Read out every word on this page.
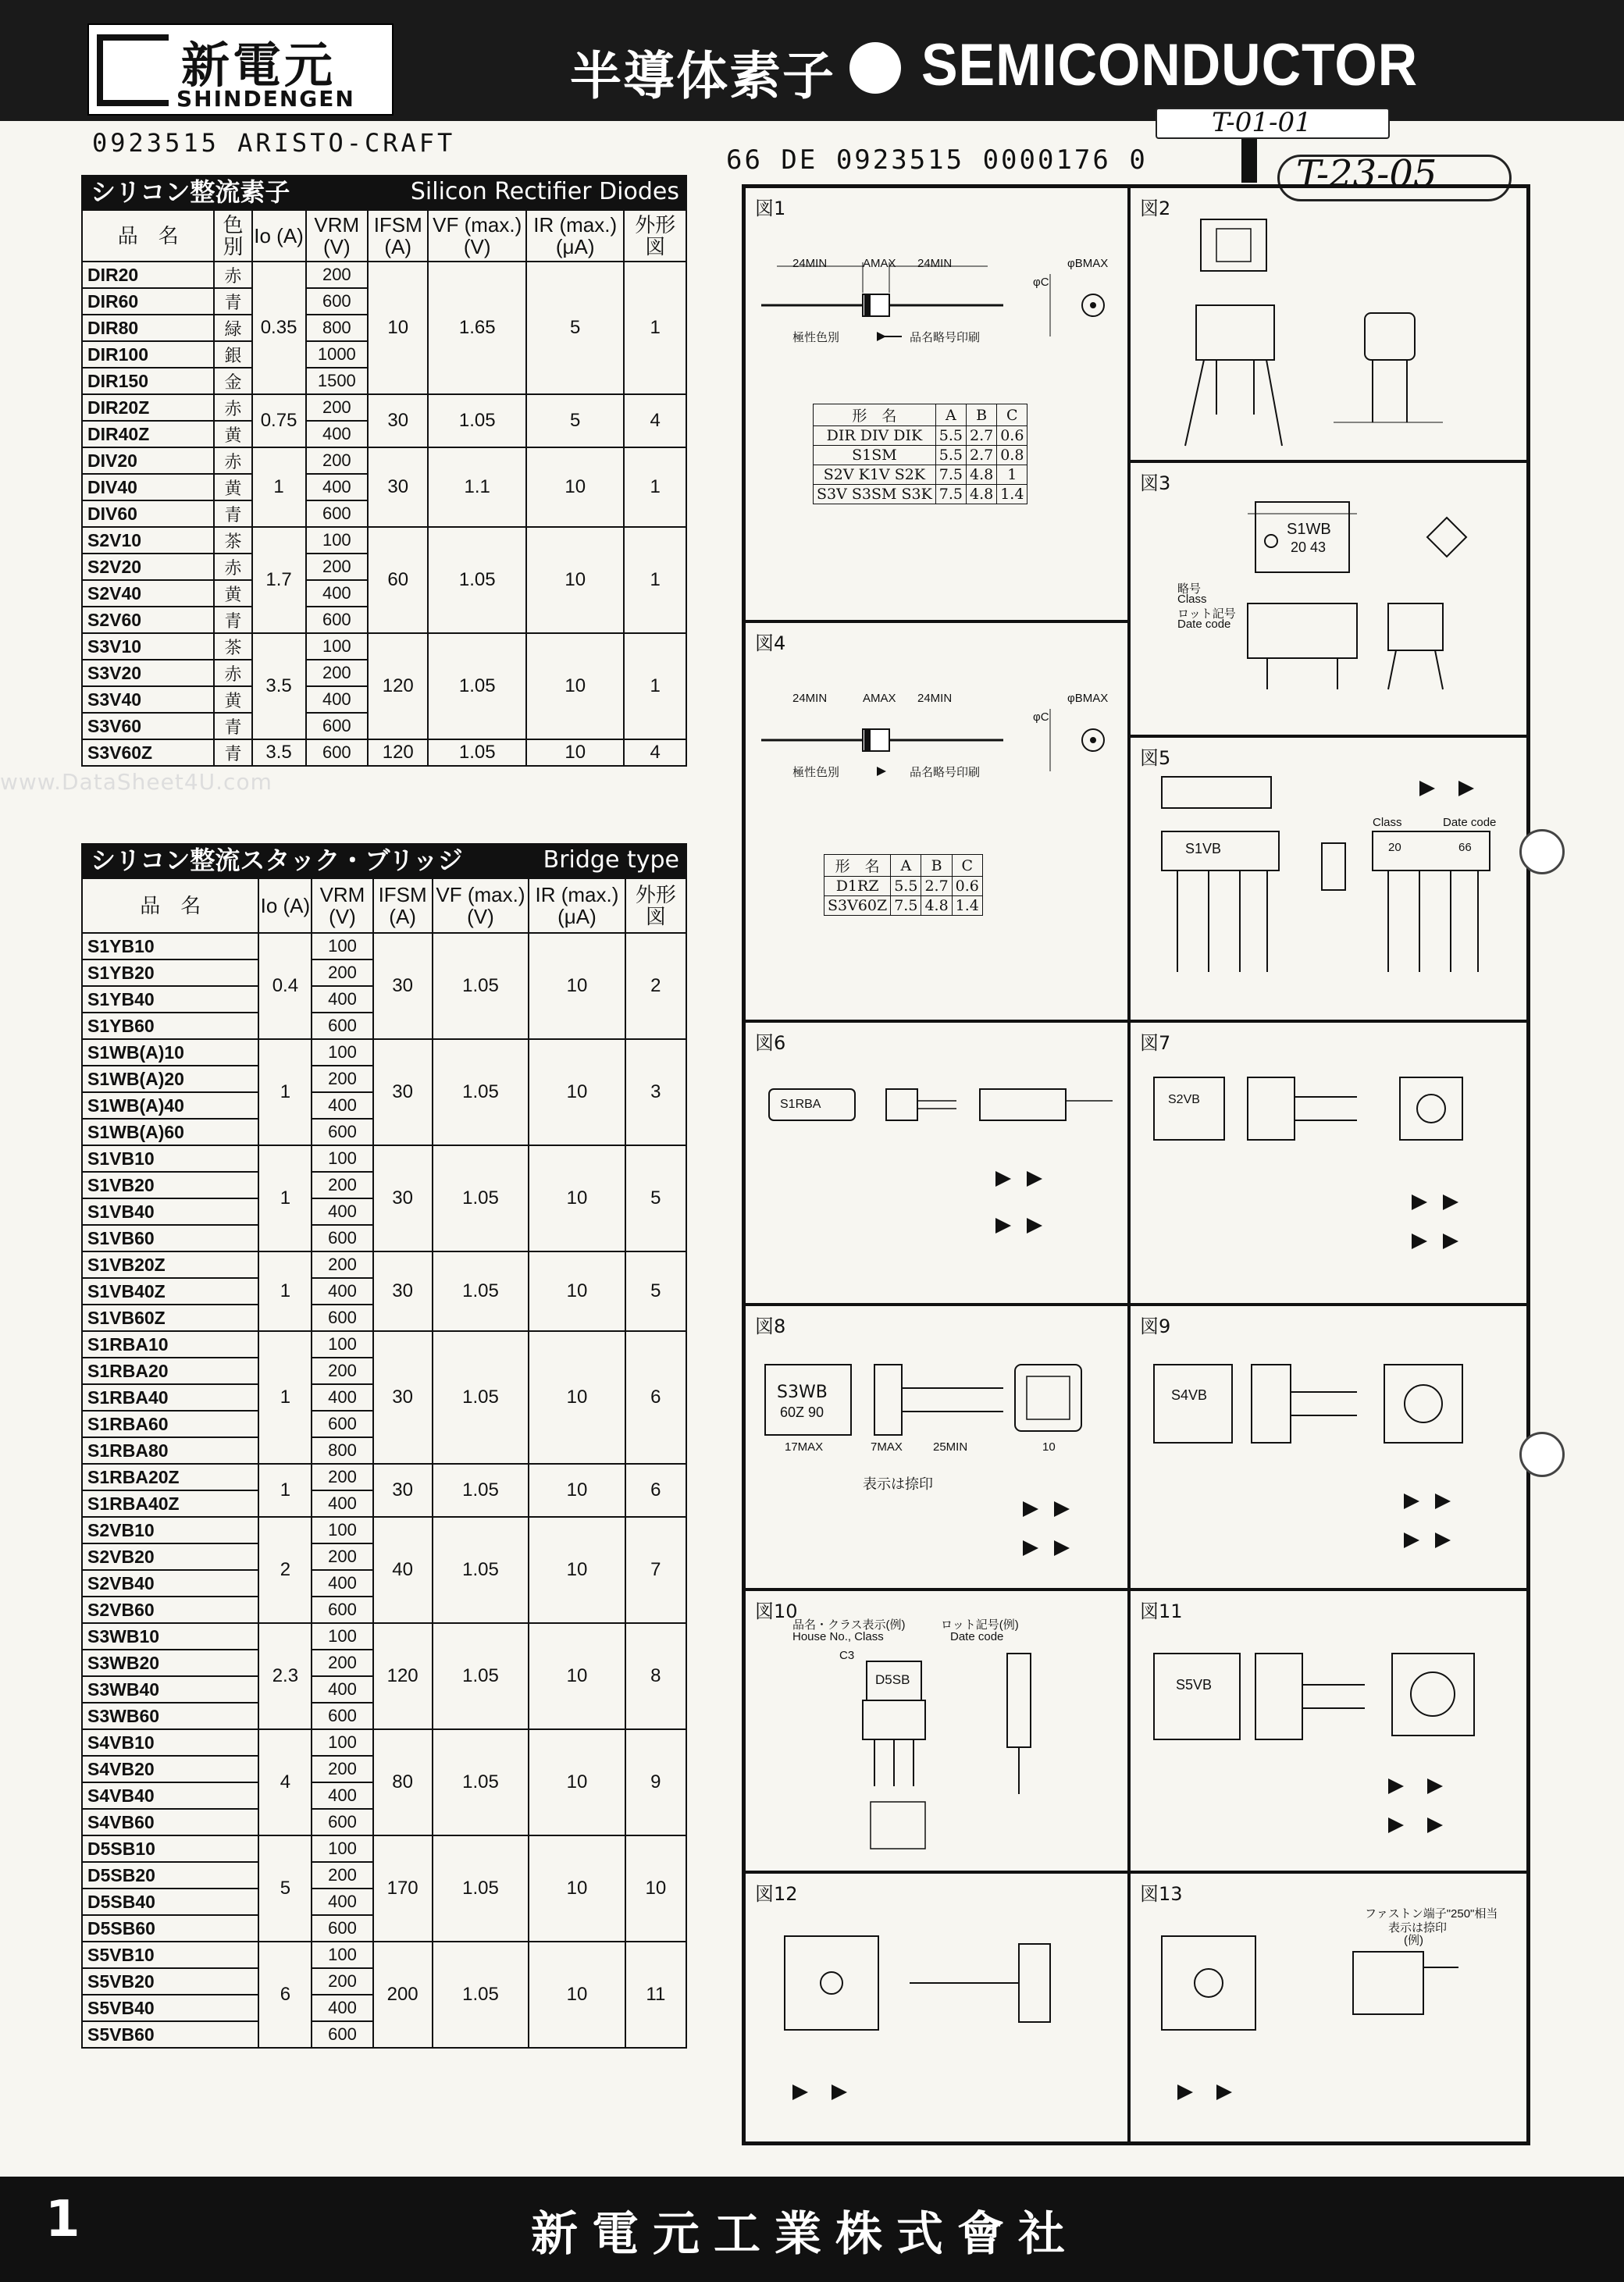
新電元
SHINDENGEN	半導体素子 SEMICONDUCTOR
T-01-01
0923515 ARISTO-CRAFT
66 DE 0923515 0000176 0	T-23-05
シリコン整流素子	Silicon Rectifier Diodes
品　名	色別	Io (A)	VRM (V)	IFSM (A)	VF (max.) (V)	IR (max.) (μA)	外形図
DIR20	赤	0.35	200	10	1.65	5	1
DIR60	青		600				
DIR80	緑		800				
DIR100	銀		1000				
DIR150	金		1500				
DIR20Z	赤	0.75	200	30	1.05	5	4
DIR40Z	黄		400				
DIV20	赤	1	200	30	1.1	10	1
DIV40	黄		400				
DIV60	青		600				
S2V10	茶	1.7	100	60	1.05	10	1
S2V20	赤		200				
S2V40	黄		400				
S2V60	青		600				
S3V10	茶	3.5	100	120	1.05	10	1
S3V20	赤		200				
S3V40	黄		400				
S3V60	青		600				
S3V60Z	青	3.5	600	120	1.05	10	4
www.DataSheet4U.com
シリコン整流スタック・ブリッジ	Bridge type
品　名	Io (A)	VRM (V)	IFSM (A)	VF (max.) (V)	IR (max.) (μA)	外形図
S1YB10	0.4	100	30	1.05	10	2
S1YB20		200				
S1YB40		400				
S1YB60		600				
S1WB(A)10	1	100	30	1.05	10	3
S1WB(A)20		200				
S1WB(A)40		400				
S1WB(A)60		600				
S1VB10	1	100	30	1.05	10	5
S1VB20		200				
S1VB40		400				
S1VB60		600				
S1VB20Z	1	200	30	1.05	10	5
S1VB40Z		400				
S1VB60Z		600				
S1RBA10	1	100	30	1.05	10	6
S1RBA20		200				
S1RBA40		400				
S1RBA60		600				
S1RBA80		800				
S1RBA20Z	1	200	30	1.05	10	6
S1RBA40Z		400				
S2VB10	2	100	40	1.05	10	7
S2VB20		200				
S2VB40		400				
S2VB60		600				
S3WB10	2.3	100	120	1.05	10	8
S3WB20		200				
S3WB40		400				
S3WB60		600				
S4VB10	4	100	80	1.05	10	9
S4VB20		200				
S4VB40		400				
S4VB60		600				
D5SB10	5	100	170	1.05	10	10
D5SB20		200				
D5SB40		400				
D5SB60		600				
S5VB10	6	100	200	1.05	10	11
S5VB20		200				
S5VB40		400				
S5VB60		600				
図1
24MIN	AMAX 24MIN	φBMAX
φC
極性色別	品名略号印刷
形　名	A	B	C
DIR DIV DIK	5.5	2.7	0.6
S1SM	5.5	2.7	0.8
S2V K1V S2K	7.5	4.8	1
S3V S3SM S3K	7.5	4.8	1.4
図2
図3
S1WB
20 43
略号
Class
ロット記号
Date code
図4
24MIN	AMAX 24MIN	φBMAX
φC
極性色別	品名略号印刷
形　名	A	B	C
D1RZ	5.5	2.7	0.6
S3V60Z	7.5	4.8	1.4
図5
S1VB
Class	Date code
20	66
図6
S1RBA
図7
S2VB
図8
S3WB
60Z 90
17MAX	7MAX	25MIN	10
表示は捺印
図9
S4VB
図10
品名・クラス表示(例)
House No., Class
ロット記号(例)
Date code
C3
D5SB
図11
S5VB
図12	図13
ファストン端子"250"相当
表示は捺印
(例)
1	新電元工業株式會社
